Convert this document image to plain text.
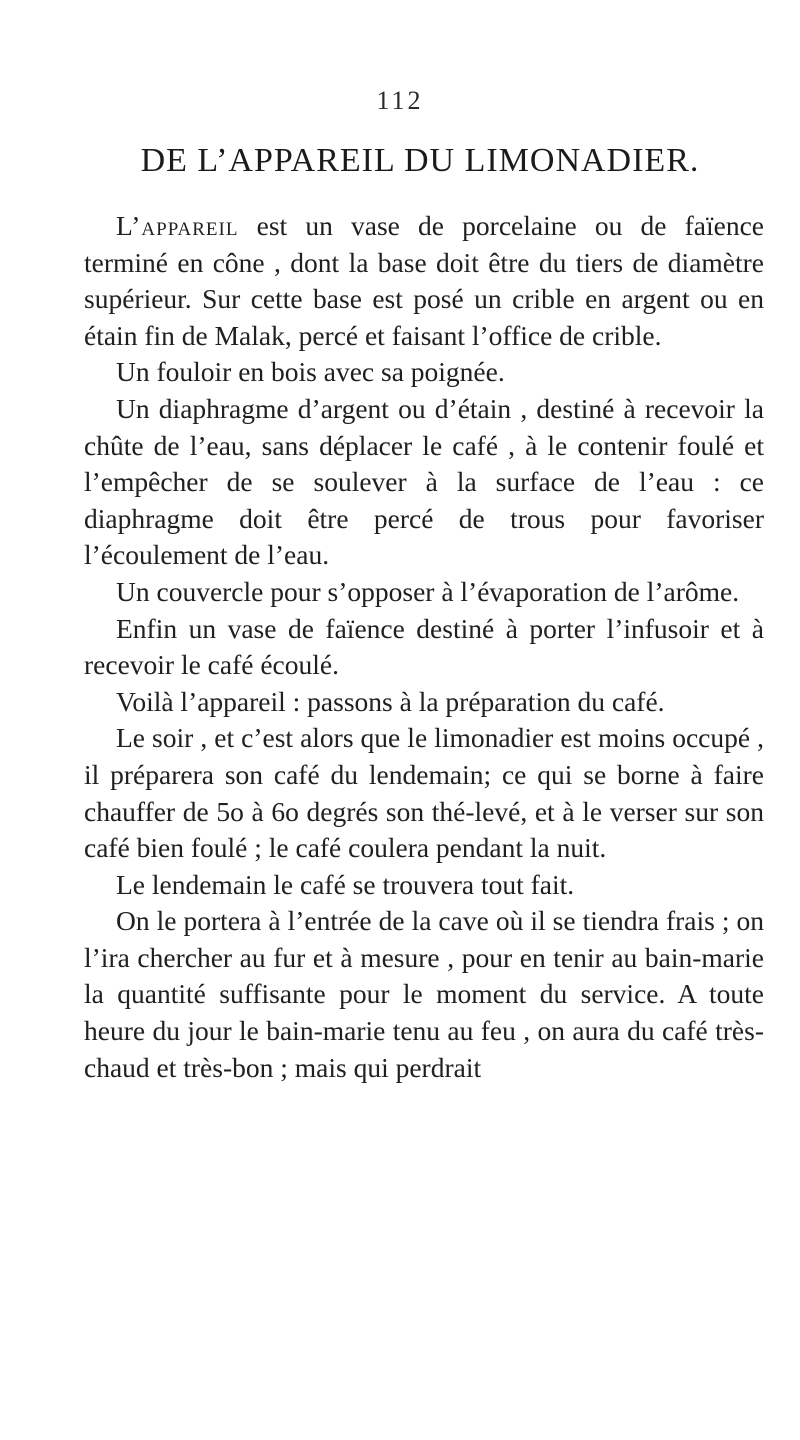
112
DE L’APPAREIL DU LIMONADIER.

L’appareil est un vase de porcelaine ou de faïence terminé en cône , dont la base doit être du tiers de diamètre supérieur. Sur cette base est posé un crible en argent ou en étain fin de Malak, percé et faisant l’office de crible.

Un fouloir en bois avec sa poignée.

Un diaphragme d’argent ou d’étain , destiné à recevoir la chûte de l’eau, sans déplacer le café , à le contenir foulé et l’empêcher de se soulever à la surface de l’eau : ce diaphragme doit être percé de trous pour favoriser l’écoulement de l’eau.

Un couvercle pour s’opposer à l’évaporation de l’arôme.

Enfin un vase de faïence destiné à porter l’infusoir et à recevoir le café écoulé.

Voilà l’appareil : passons à la préparation du café.

Le soir , et c’est alors que le limonadier est moins occupé , il préparera son café du lendemain; ce qui se borne à faire chauffer de 5o à 6o degrés son thé-levé, et à le verser sur son café bien foulé ; le café coulera pendant la nuit.

Le lendemain le café se trouvera tout fait.

On le portera à l’entrée de la cave où il se tiendra frais ; on l’ira chercher au fur et à mesure , pour en tenir au bain-marie la quantité suffisante pour le moment du service. A toute heure du jour le bain-marie tenu au feu , on aura du café très-chaud et très-bon ; mais qui perdrait
